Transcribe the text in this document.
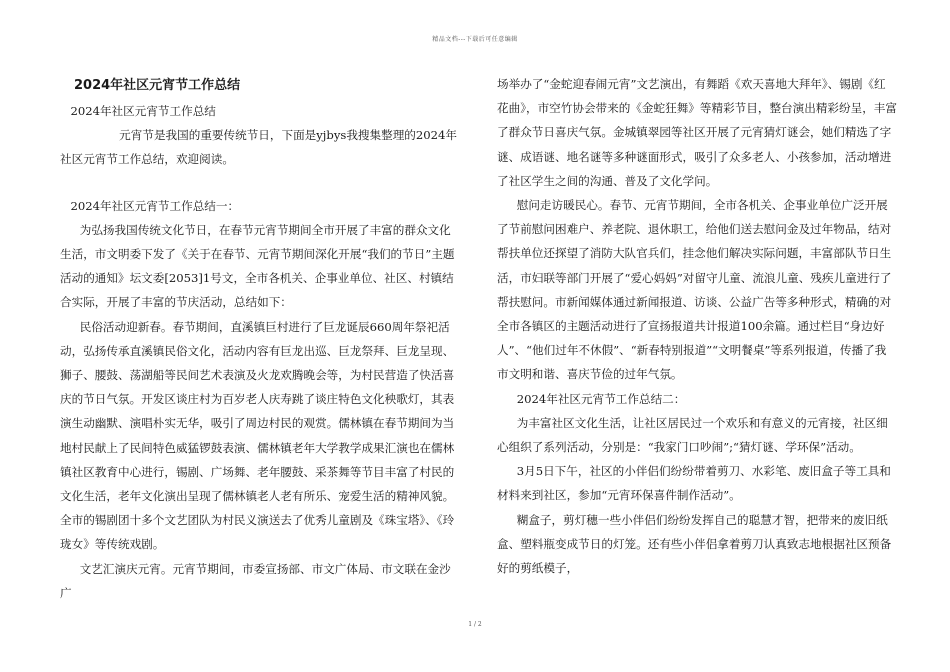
精品文档---下载后可任意编辑
2024年社区元宵节工作总结

2024年社区元宵节工作总结

元宵节是我国的重要传统节日，下面是yjbys我搜集整理的2024年社区元宵节工作总结，欢迎阅读。

2024年社区元宵节工作总结一：

为弘扬我国传统文化节日，在春节元宵节期间全市开展了丰富的群众文化生活，市文明委下发了《关于在春节、元宵节期间深化开展“我们的节日”主题活动的通知》坛文委[2053]1号文，全市各机关、企事业单位、社区、村镇结合实际，开展了丰富的节庆活动，总结如下：

民俗活动迎新春。春节期间，直溪镇巨村进行了巨龙诞辰660周年祭祀活动，弘扬传承直溪镇民俗文化，活动内容有巨龙出巡、巨龙祭拜、巨龙呈现、狮子、腰鼓、荡湖船等民间艺术表演及火龙欢腾晚会等，为村民营造了快活喜庆的节日气氛。开发区谈庄村为百岁老人庆寿跳了谈庄特色文化秧歌灯，其表演生动幽默、演唱朴实无华，吸引了周边村民的观赏。儒林镇在春节期间为当地村民献上了民间特色威猛锣鼓表演、儒林镇老年大学教学成果汇演也在儒林镇社区教育中心进行，锡剧、广场舞、老年腰鼓、采茶舞等节目丰富了村民的文化生活，老年文化演出呈现了儒林镇老人老有所乐、宠爱生活的精神风貌。全市的锡剧团十多个文艺团队为村民义演送去了优秀儿童剧及《珠宝塔》、《玲珑女》等传统戏剧。

文艺汇演庆元宵。元宵节期间，市委宣扬部、市文广体局、市文联在金沙广

场举办了“金蛇迎春闹元宵”文艺演出，有舞蹈《欢天喜地大拜年》、锡剧《红花曲》，市空竹协会带来的《金蛇狂舞》等精彩节目，整台演出精彩纷呈，丰富了群众节日喜庆气氛。金城镇翠园等社区开展了元宵猜灯谜会，她们精选了字谜、成语谜、地名谜等多种谜面形式，吸引了众多老人、小孩参加，活动增进了社区学生之间的沟通、普及了文化学问。

慰问走访暖民心。春节、元宵节期间，全市各机关、企事业单位广泛开展了节前慰问困难户、养老院、退休职工，给他们送去慰问金及过年物品，结对帮扶单位还探望了消防大队官兵们，挂念他们解决实际问题，丰富部队节日生活，市妇联等部门开展了“爱心妈妈”对留守儿童、流浪儿童、残疾儿童进行了帮扶慰问。市新闻媒体通过新闻报道、访谈、公益广告等多种形式，精确的对全市各镇区的主题活动进行了宣扬报道共计报道100余篇。通过栏目“身边好人”、“他们过年不休假”、“新春特别报道”“文明餐桌”等系列报道，传播了我市文明和谐、喜庆节俭的过年气氛。

2024年社区元宵节工作总结二：

为丰富社区文化生活，让社区居民过一个欢乐和有意义的元宵接，社区细心组织了系列活动，分别是：“我家门口吵闹”;“猜灯谜、学环保”活动。

3月5日下午，社区的小伴侣们纷纷带着剪刀、水彩笔、废旧盒子等工具和材料来到社区，参加“元宵环保喜件制作活动”。

糊盒子，剪灯穗一些小伴侣们纷纷发挥自己的聪慧才智，把带来的废旧纸盒、塑料瓶变成节日的灯笼。还有些小伴侣拿着剪刀认真致志地根据社区预备好的剪纸模子，

1 / 2
